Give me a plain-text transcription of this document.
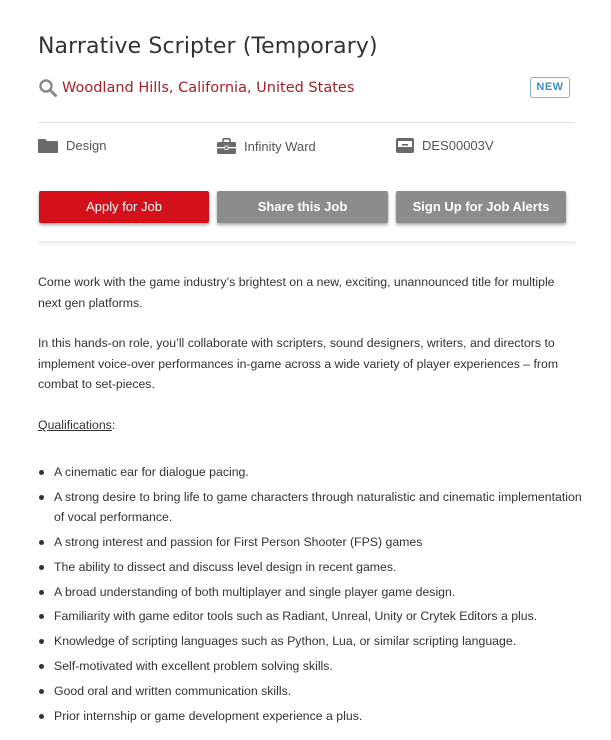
Narrative Scripter (Temporary)
Woodland Hills, California, United States	NEW
Design	Infinity Ward	DES00003V
Apply for Job	Share this Job	Sign Up for Job Alerts

Come work with the game industry’s brightest on a new, exciting, unannounced title for multiple next gen platforms.

In this hands-on role, you’ll collaborate with scripters, sound designers, writers, and directors to implement voice-over performances in-game across a wide variety of player experiences – from combat to set-pieces.

Qualifications:
A cinematic ear for dialogue pacing.
A strong desire to bring life to game characters through naturalistic and cinematic implementation of vocal performance.
A strong interest and passion for First Person Shooter (FPS) games
The ability to dissect and discuss level design in recent games.
A broad understanding of both multiplayer and single player game design.
Familiarity with game editor tools such as Radiant, Unreal, Unity or Crytek Editors a plus.
Knowledge of scripting languages such as Python, Lua, or similar scripting language.
Self-motivated with excellent problem solving skills.
Good oral and written communication skills.
Prior internship or game development experience a plus.
